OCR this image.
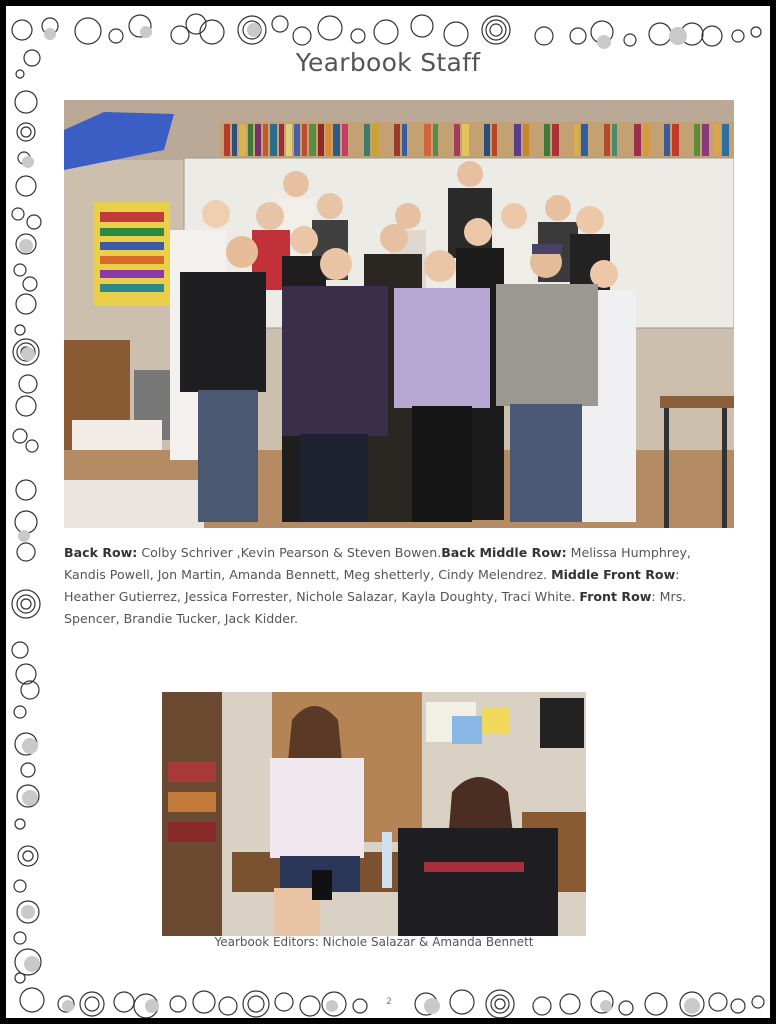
Yearbook Staff

Back Row: Colby Schriver ,Kevin Pearson & Steven Bowen.Back Middle Row: Melissa Humphrey, Kandis Powell, Jon Martin, Amanda Bennett, Meg shetterly, Cindy Melendrez. Middle Front Row: Heather Gutierrez, Jessica Forrester, Nichole Salazar, Kayla Doughty, Traci White. Front Row: Mrs. Spencer, Brandie Tucker, Jack Kidder.

Yearbook Editors: Nichole Salazar & Amanda Bennett
2
